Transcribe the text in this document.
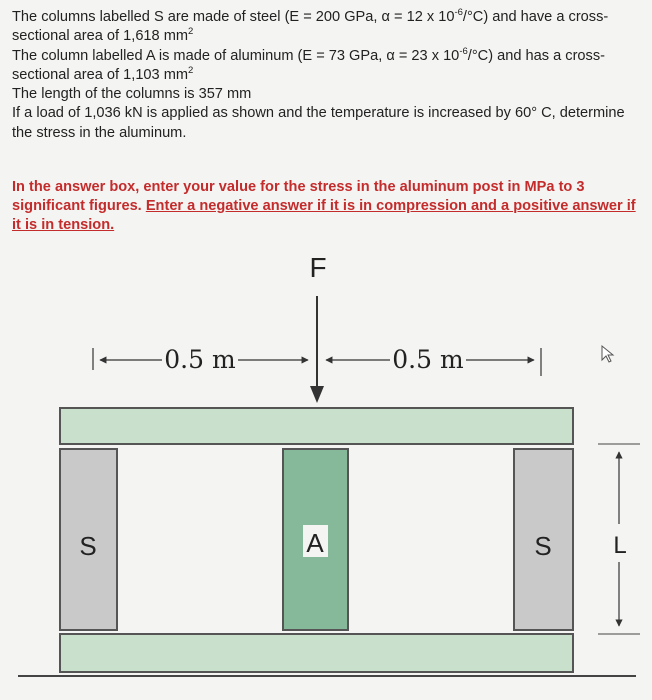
The columns labelled S are made of steel (E = 200 GPa, α = 12 x $10^{-6}/^\circ C$) and have a cross-sectional area of 1,618 $mm^2$

The column labelled A is made of aluminum (E = 73 GPa, α = 23 x $10^{-6}/^\circ C$) and has a cross-sectional area of 1,103 $mm^2$

The length of the columns is 357 mm

If a load of 1,036 kN is applied as shown and the temperature is increased by 60° C, determine the stress in the aluminum.

In the answer box, enter your value for the stress in the aluminum post in MPa to 3 significant figures. Enter a negative answer if it is in compression and a positive answer if it is in tension.
F
0.5 m	0.5 m
S	A	S	L
